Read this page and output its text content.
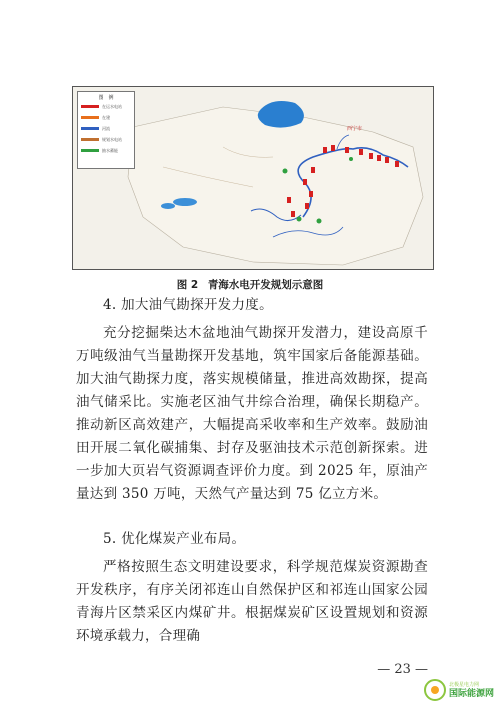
图　例
在运水电站
在建
河流
规划水电站
抽水蓄能
西宁市
图 2 青海水电开发规划示意图

4. 加大油气勘探开发力度。

充分挖掘柴达木盆地油气勘探开发潜力，建设高原千万吨级油气当量勘探开发基地，筑牢国家后备能源基础。加大油气勘探力度，落实规模储量，推进高效勘探，提高油气储采比。实施老区油气井综合治理，确保长期稳产。推动新区高效建产，大幅提高采收率和生产效率。鼓励油田开展二氧化碳捕集、封存及驱油技术示范创新探索。进一步加大页岩气资源调查评价力度。到 2025 年，原油产量达到 350 万吨，天然气产量达到 75 亿立方米。

5. 优化煤炭产业布局。

严格按照生态文明建设要求，科学规范煤炭资源勘查开发秩序，有序关闭祁连山自然保护区和祁连山国家公园青海片区禁采区内煤矿井。根据煤炭矿区设置规划和资源环境承载力，合理确

— 23 —
北极星电力网
国际能源网
